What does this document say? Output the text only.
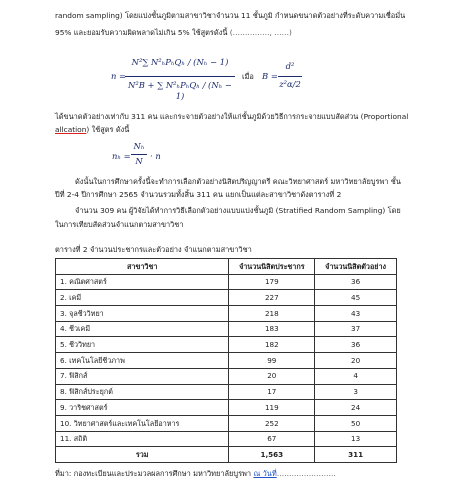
random sampling) โดยแบ่งชั้นภูมิตามสาขาวิชาจำนวน 11 ชั้นภูมิ กำหนดขนาดตัวอย่างที่ระดับความเชื่อมั่น
95% และยอมรับความผิดพลาดไม่เกิน 5% ใช้สูตรดังนี้ (……………, ……)
n =
N²∑ N²ₕPₕQₕ / (Nₕ − 1)
N²B + ∑ N²ₕPₕQₕ / (Nₕ − 1)
เมื่อ B =
d²
z²α/2
ได้ขนาดตัวอย่างเท่ากับ 311 คน และกระจายตัวอย่างให้แก่ชั้นภูมิด้วยวิธีการกระจายแบบสัดส่วน (Proportional
allcation) ใช้สูตร ดังนี้
nₕ =
Nₕ
N · n
ดังนั้นในการศึกษาครั้งนี้จะทำการเลือกตัวอย่างนิสิตปริญญาตรี คณะวิทยาศาสตร์ มหาวิทยาลัยบูรพา ชั้น
ปีที่ 2-4 ปีการศึกษา 2565 จำนวนรวมทั้งสิ้น 311 คน แยกเป็นแต่ละสาขาวิชาดังตารางที่ 2
จำนวน 309 คน ผู้วิจัยได้ทำการวิธีเลือกตัวอย่างแบบแบ่งชั้นภูมิ (Stratified Random Sampling) โดย
ในการเทียบสัดส่วนจำแนกตามสาขาวิชา
ตารางที่ 2 จำนวนประชากรและตัวอย่าง จำแนกตามสาขาวิชา
สาขาวิชา	จำนวนนิสิตประชากร	จำนวนนิสิตตัวอย่าง
1. คณิตศาสตร์	179	36
2. เคมี	227	45
3. จุลชีววิทยา	218	43
4. ชีวเคมี	183	37
5. ชีววิทยา	182	36
6. เทคโนโลยีชีวภาพ	99	20
7. ฟิสิกส์	20	4
8. ฟิสิกส์ประยุกต์	17	3
9. วาริชศาสตร์	119	24
10. วิทยาศาสตร์และเทคโนโลยีอาหาร	252	50
11. สถิติ	67	13
รวม	1,563	311
ที่มา: กองทะเบียนและประมวลผลการศึกษา มหาวิทยาลัยบูรพา ณ วันที่……………………
